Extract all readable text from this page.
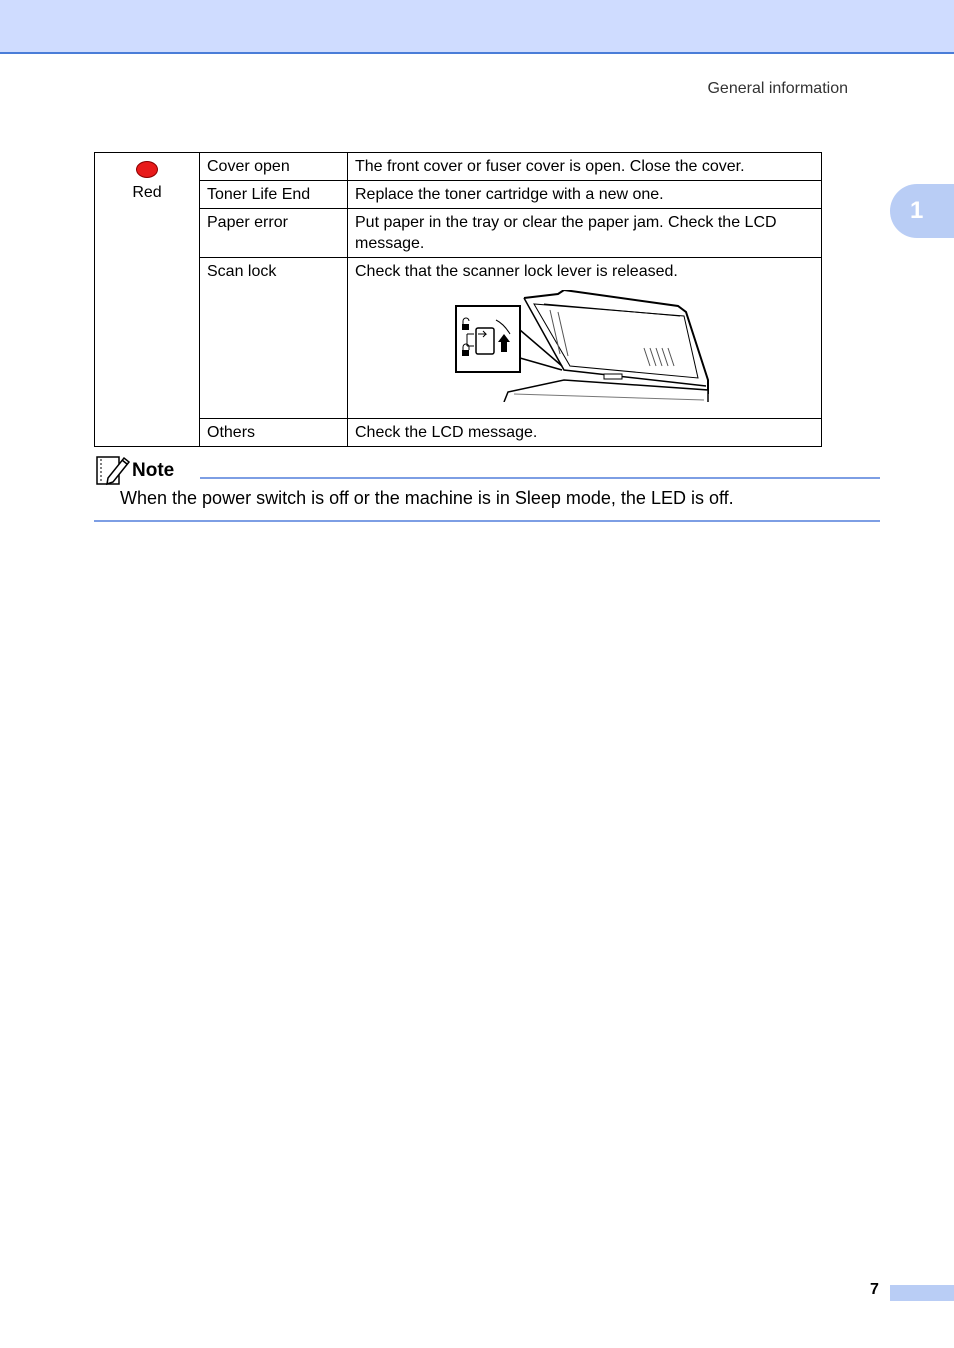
General information
1
Red	Cover open	The front cover or fuser cover is open. Close the cover.
	Toner Life End	Replace the toner cartridge with a new one.
	Paper error	Put paper in the tray or clear the paper jam. Check the LCD message.
	Scan lock	Check that the scanner lock lever is released.

	Others	Check the LCD message.
Note
When the power switch is off or the machine is in Sleep mode, the LED is off.
7
